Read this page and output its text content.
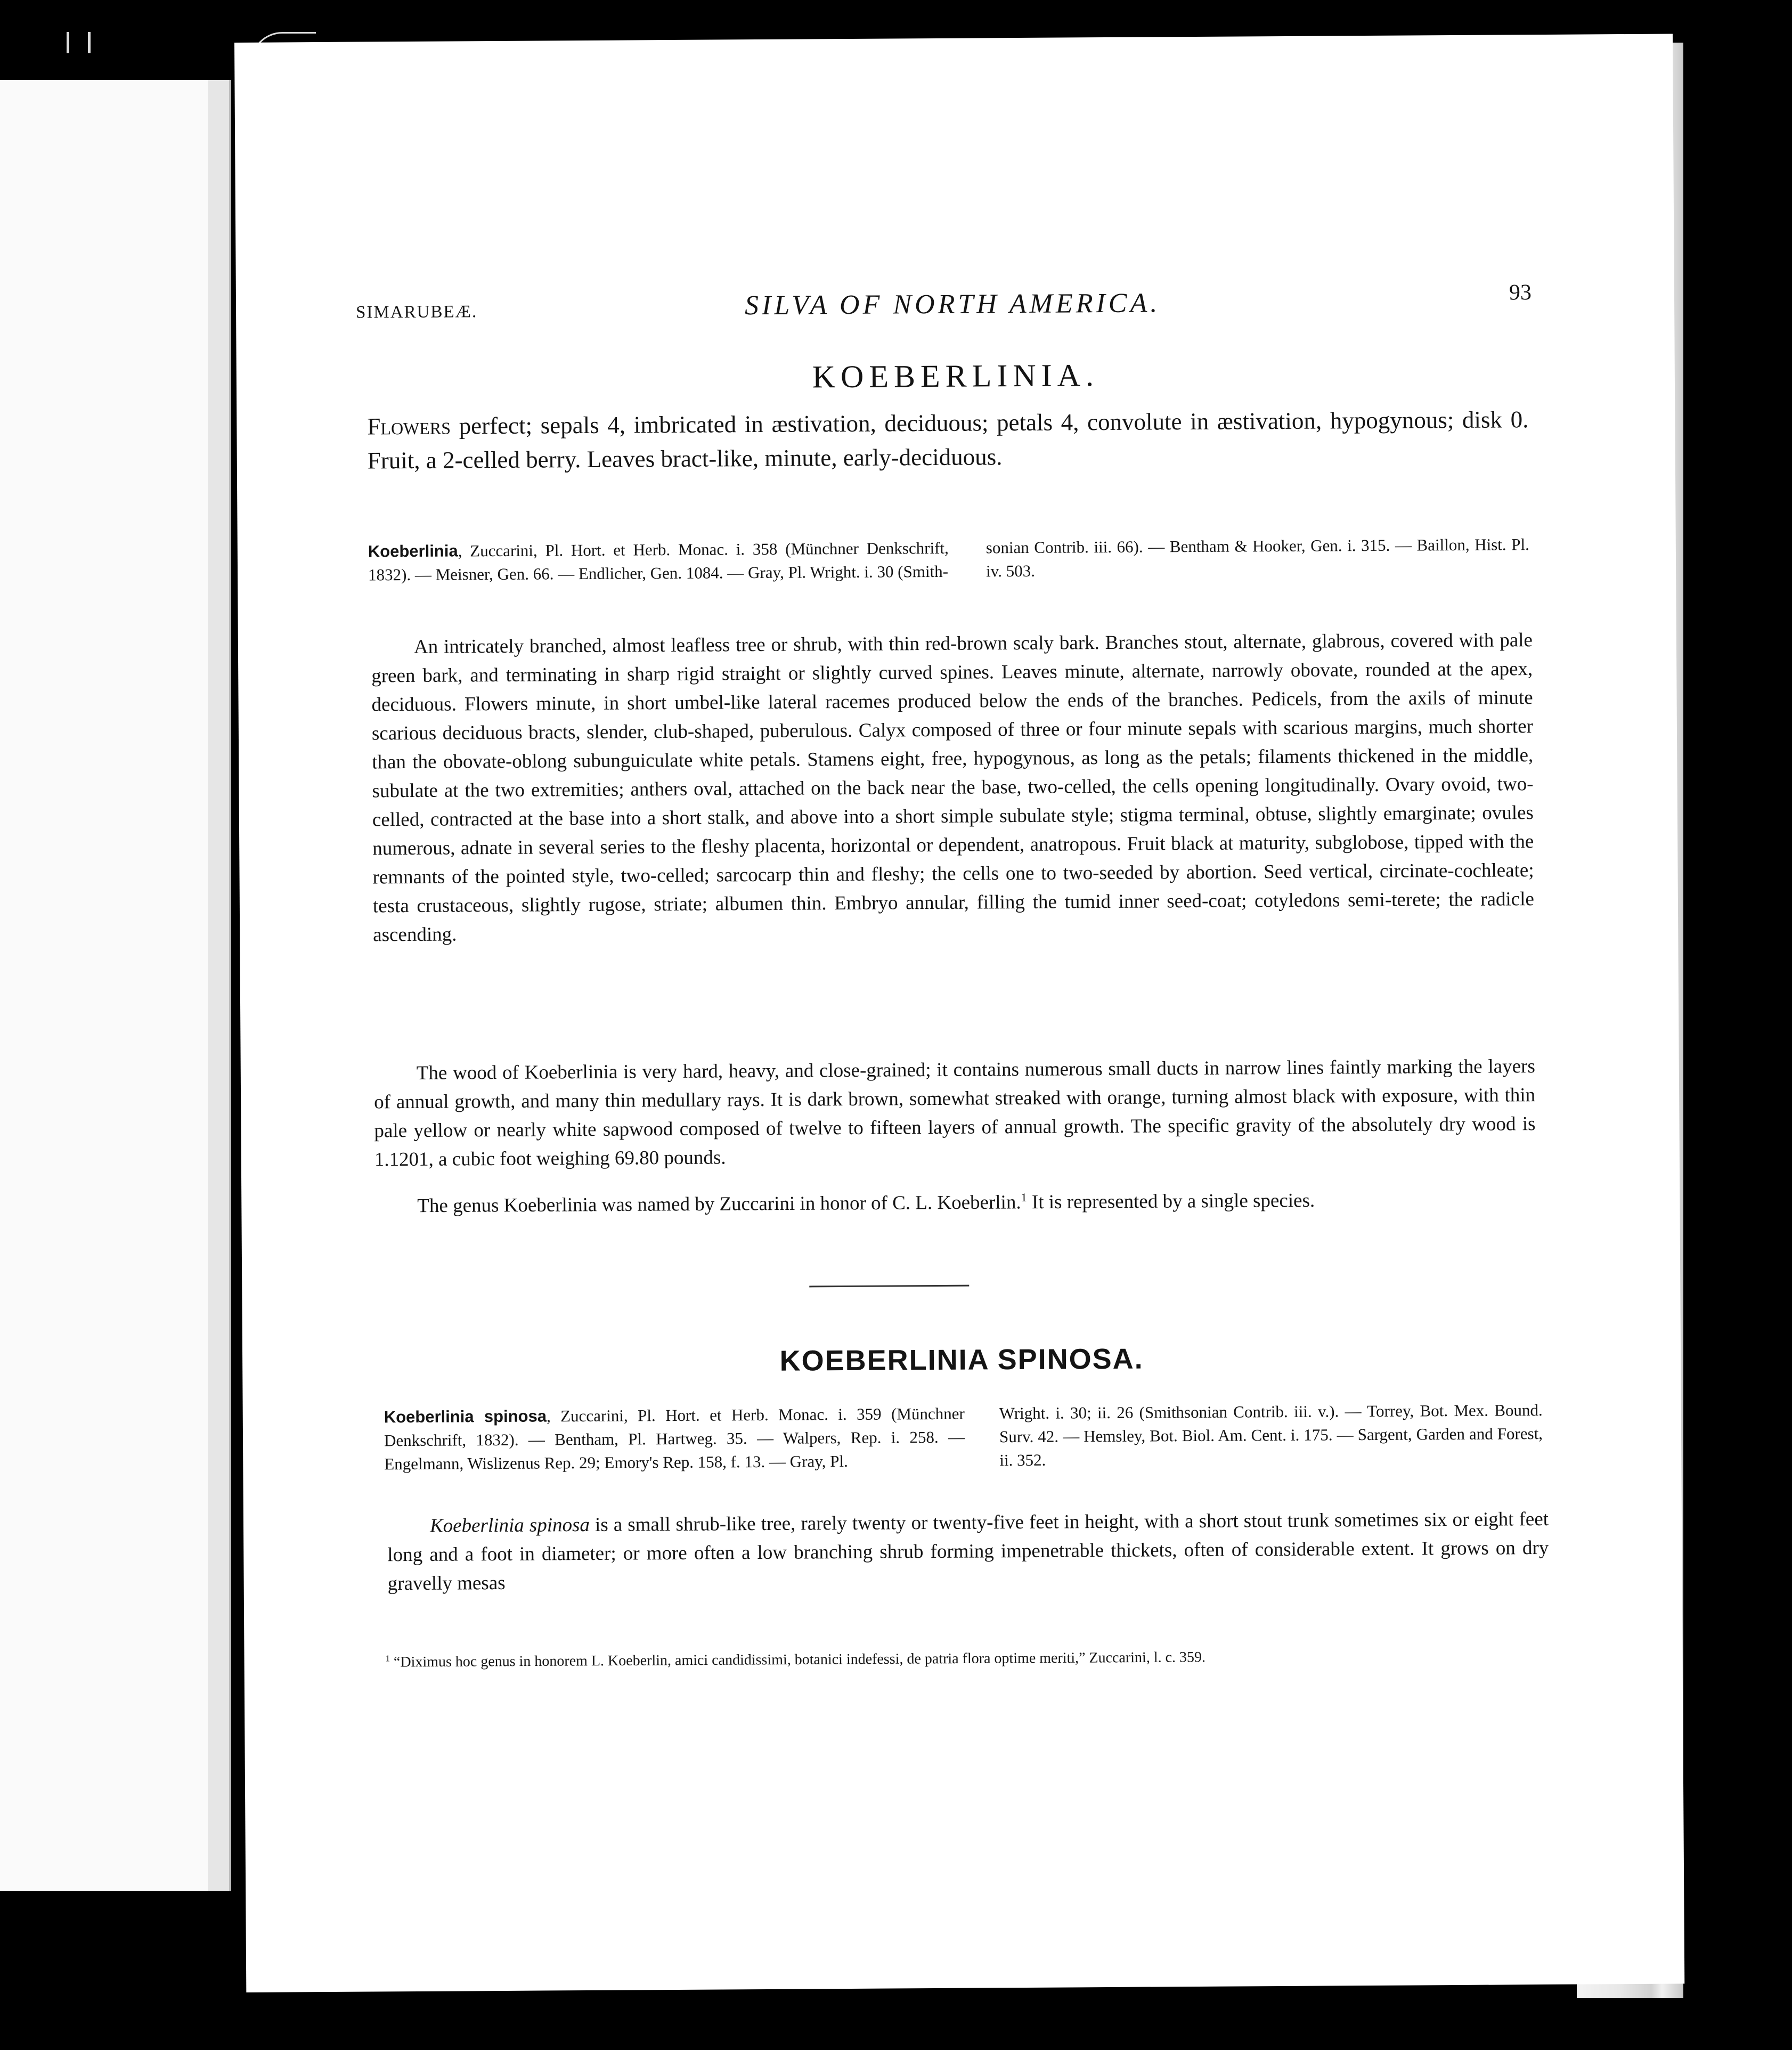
SIMARUBEÆ.	SILVA OF NORTH AMERICA.	93
KOEBERLINIA.

Flowers perfect; sepals 4, imbricated in æstivation, deciduous; petals 4, convolute in æstivation, hypogynous; disk 0. Fruit, a 2-celled berry. Leaves bract-like, minute, early-deciduous.

Koeberlinia, Zuccarini, Pl. Hort. et Herb. Monac. i. 358 (Münchner Denkschrift, 1832). — Meisner, Gen. 66. — Endlicher, Gen. 1084. — Gray, Pl. Wright. i. 30 (Smith-

sonian Contrib. iii. 66). — Bentham & Hooker, Gen. i. 315. — Baillon, Hist. Pl. iv. 503.

An intricately branched, almost leafless tree or shrub, with thin red-brown scaly bark. Branches stout, alternate, glabrous, covered with pale green bark, and terminating in sharp rigid straight or slightly curved spines. Leaves minute, alternate, narrowly obovate, rounded at the apex, deciduous. Flowers minute, in short umbel-like lateral racemes produced below the ends of the branches. Pedicels, from the axils of minute scarious deciduous bracts, slender, club-shaped, puberulous. Calyx composed of three or four minute sepals with scarious margins, much shorter than the obovate-oblong subunguiculate white petals. Stamens eight, free, hypogynous, as long as the petals; filaments thickened in the middle, subulate at the two extremities; anthers oval, attached on the back near the base, two-celled, the cells opening longitudinally. Ovary ovoid, two-celled, contracted at the base into a short stalk, and above into a short simple subulate style; stigma terminal, obtuse, slightly emarginate; ovules numerous, adnate in several series to the fleshy placenta, horizontal or dependent, anatropous. Fruit black at maturity, subglobose, tipped with the remnants of the pointed style, two-celled; sarcocarp thin and fleshy; the cells one to two-seeded by abortion. Seed vertical, circinate-cochleate; testa crustaceous, slightly rugose, striate; albumen thin. Embryo annular, filling the tumid inner seed-coat; cotyledons semi-terete; the radicle ascending.

The wood of Koeberlinia is very hard, heavy, and close-grained; it contains numerous small ducts in narrow lines faintly marking the layers of annual growth, and many thin medullary rays. It is dark brown, somewhat streaked with orange, turning almost black with exposure, with thin pale yellow or nearly white sapwood composed of twelve to fifteen layers of annual growth. The specific gravity of the absolutely dry wood is 1.1201, a cubic foot weighing 69.80 pounds.

The genus Koeberlinia was named by Zuccarini in honor of C. L. Koeberlin.$^1$ It is represented by a single species.

KOEBERLINIA SPINOSA.

Koeberlinia spinosa, Zuccarini, Pl. Hort. et Herb. Monac. i. 359 (Münchner Denkschrift, 1832). — Bentham, Pl. Hartweg. 35. — Walpers, Rep. i. 258. — Engelmann, Wislizenus Rep. 29; Emory's Rep. 158, f. 13. — Gray, Pl.

Wright. i. 30; ii. 26 (Smithsonian Contrib. iii. v.). — Torrey, Bot. Mex. Bound. Surv. 42. — Hemsley, Bot. Biol. Am. Cent. i. 175. — Sargent, Garden and Forest, ii. 352.

Koeberlinia spinosa is a small shrub-like tree, rarely twenty or twenty-five feet in height, with a short stout trunk sometimes six or eight feet long and a foot in diameter; or more often a low branching shrub forming impenetrable thickets, often of considerable extent. It grows on dry gravelly mesas

$^1$ “Diximus hoc genus in honorem L. Koeberlin, amici candidissimi, botanici indefessi, de patria flora optime meriti,” Zuccarini, l. c. 359.
